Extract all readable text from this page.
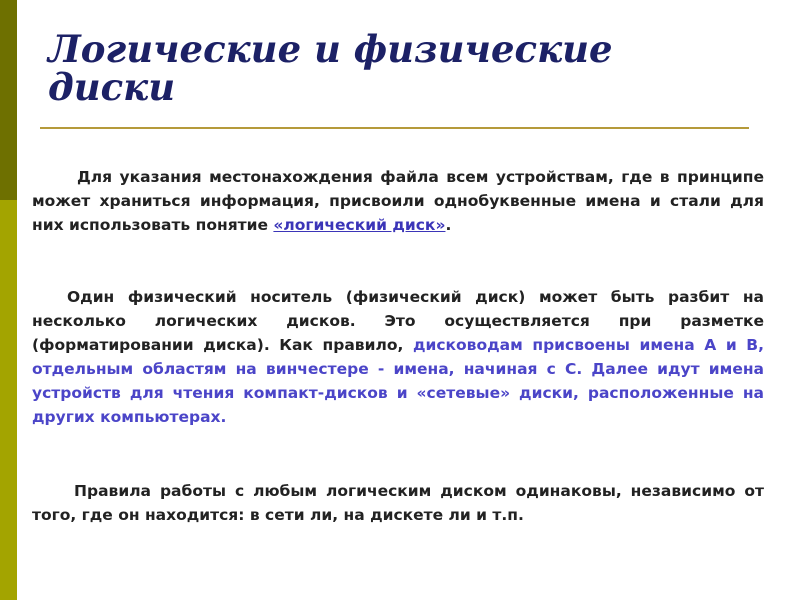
Логические и физические
диски

Для указания местонахождения файла всем устройствам, где в принципе может храниться информация, присвоили однобуквенные имена и стали для них использовать понятие «логический диск».

Один физический носитель (физический диск) может быть разбит на несколько логических дисков. Это осуществляется при разметке (форматировании диска). Как правило, дисководам присвоены имена А и В, отдельным областям на винчестере - имена, начиная с С. Далее идут имена устройств для чтения компакт-дисков и «сетевые» диски, расположенные на других компьютерах.

Правила работы с любым логическим диском одинаковы, независимо от того, где он находится: в сети ли, на дискете ли и т.п.
